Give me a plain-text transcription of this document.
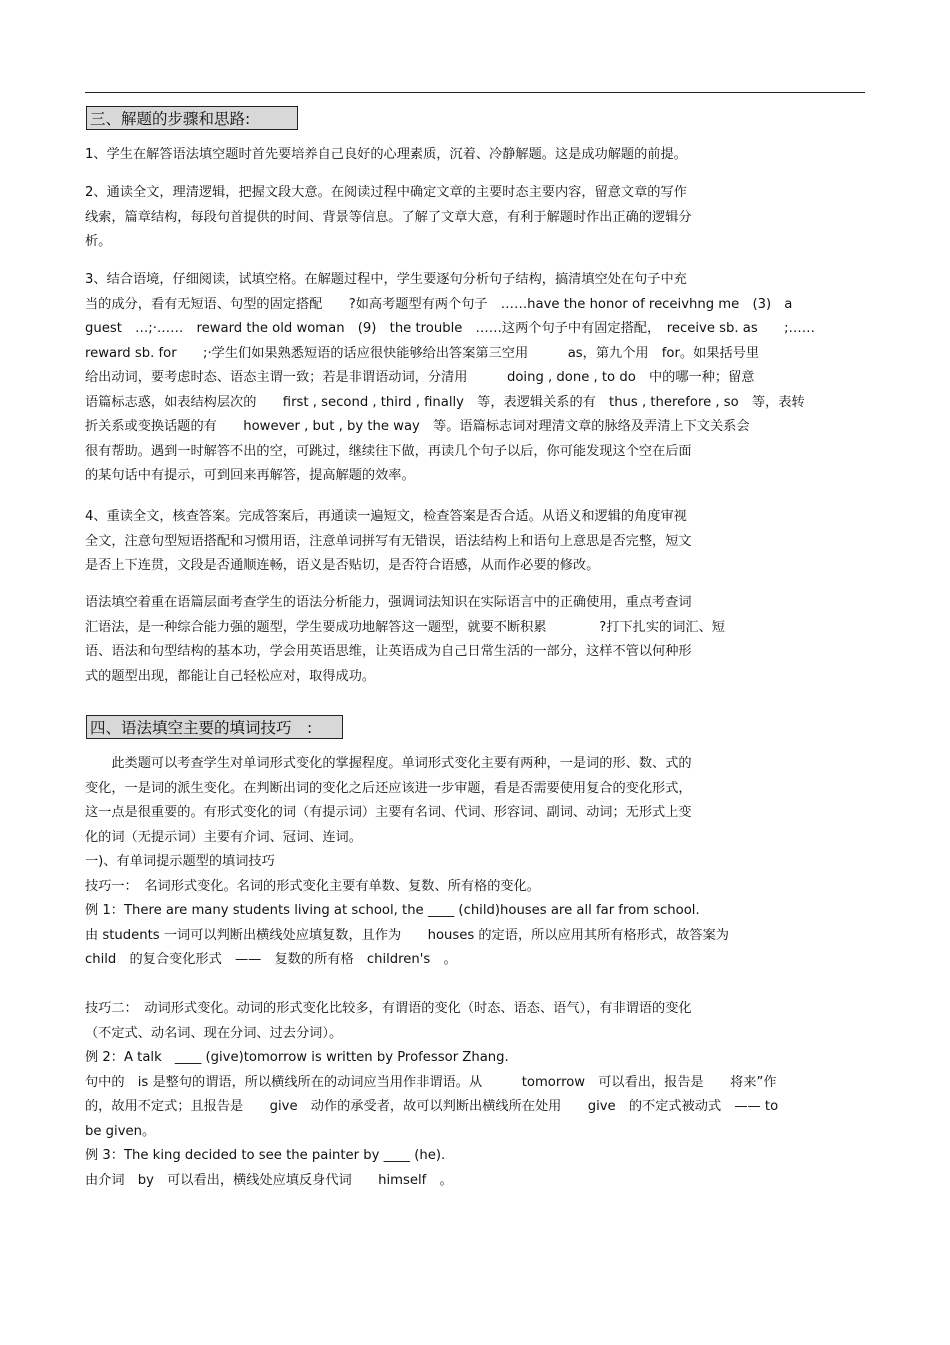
三、解题的步骤和思路:
1、学生在解答语法填空题时首先要培养自己良好的心理素质，沉着、冷静解题。这是成功解题的前提。
2、通读全文，理清逻辑，把握文段大意。在阅读过程中确定文章的主要时态主要内容，留意文章的写作
线索，篇章结构，每段句首提供的时间、背景等信息。了解了文章大意，有利于解题时作出正确的逻辑分
析。
3、结合语境，仔细阅读，试填空格。在解题过程中，学生要逐句分析句子结构，搞清填空处在句子中充
当的成分，看有无短语、句型的固定搭配　　?如高考题型有两个句子　……have the honor of receivhng me　(3)　a
guest　…;·……　reward the old woman　(9)　the trouble　……这两个句子中有固定搭配，　receive sb. as　　;……
reward sb. for　　;·学生们如果熟悉短语的话应很快能够给出答案第三空用　　　as，第九个用　for。如果括号里
给出动词，要考虑时态、语态主谓一致；若是非谓语动词，分清用　　　doing , done , to do　中的哪一种；留意
语篇标志惑，如表结构层次的　　first , second , third , finally　等，表逻辑关系的有　thus , therefore , so　等，表转
折关系或变换话题的有　　however , but , by the way　等。语篇标志词对理清文章的脉络及弄清上下文关系会
很有帮助。遇到一时解答不出的空，可跳过，继续往下做，再读几个句子以后，你可能发现这个空在后面
的某句话中有提示，可到回来再解答，提高解题的效率。
4、重读全文，核查答案。完成答案后，再通读一遍短文，检查答案是否合适。从语义和逻辑的角度审视
全文，注意句型短语搭配和习惯用语，注意单词拼写有无错误，语法结构上和语句上意思是否完整，短文
是否上下连贯，文段是否通顺连畅，语义是否贴切，是否符合语感，从而作必要的修改。
语法填空着重在语篇层面考查学生的语法分析能力，强调词法知识在实际语言中的正确使用，重点考查词
汇语法，是一种综合能力强的题型，学生要成功地解答这一题型，就要不断积累　　　　?打下扎实的词汇、短
语、语法和句型结构的基本功，学会用英语思维，让英语成为自己日常生活的一部分，这样不管以何种形
式的题型出现，都能让自己轻松应对，取得成功。
四、语法填空主要的填词技巧　:
　　此类题可以考查学生对单词形式变化的掌握程度。单词形式变化主要有两种，一是词的形、数、式的
变化，一是词的派生变化。在判断出词的变化之后还应该进一步审题，看是否需要使用复合的变化形式，
这一点是很重要的。有形式变化的词（有提示词）主要有名词、代词、形容词、副词、动词；无形式上变
化的词（无提示词）主要有介词、冠词、连词。
一)、有单词提示题型的填词技巧
技巧一：　名词形式变化。名词的形式变化主要有单数、复数、所有格的变化。
例 1：There are many students living at school, the ____ (child)houses are all far from school.
由 students 一词可以判断出横线处应填复数，且作为　　houses 的定语，所以应用其所有格形式，故答案为
child　的复合变化形式　——　复数的所有格　children's　。
技巧二：　动词形式变化。动词的形式变化比较多，有谓语的变化（时态、语态、语气），有非谓语的变化
（不定式、动名词、现在分词、过去分词）。
例 2：A talk　____ (give)tomorrow is written by Professor Zhang.
句中的　is 是整句的谓语，所以横线所在的动词应当用作非谓语。从　　　tomorrow　可以看出，报告是　　将来”作
的，故用不定式；且报告是　　give　动作的承受者，故可以判断出横线所在处用　　give　的不定式被动式　—— to
be given。
例 3：The king decided to see the painter by ____ (he).
由介词　by　可以看出，横线处应填反身代词　　himself　。
